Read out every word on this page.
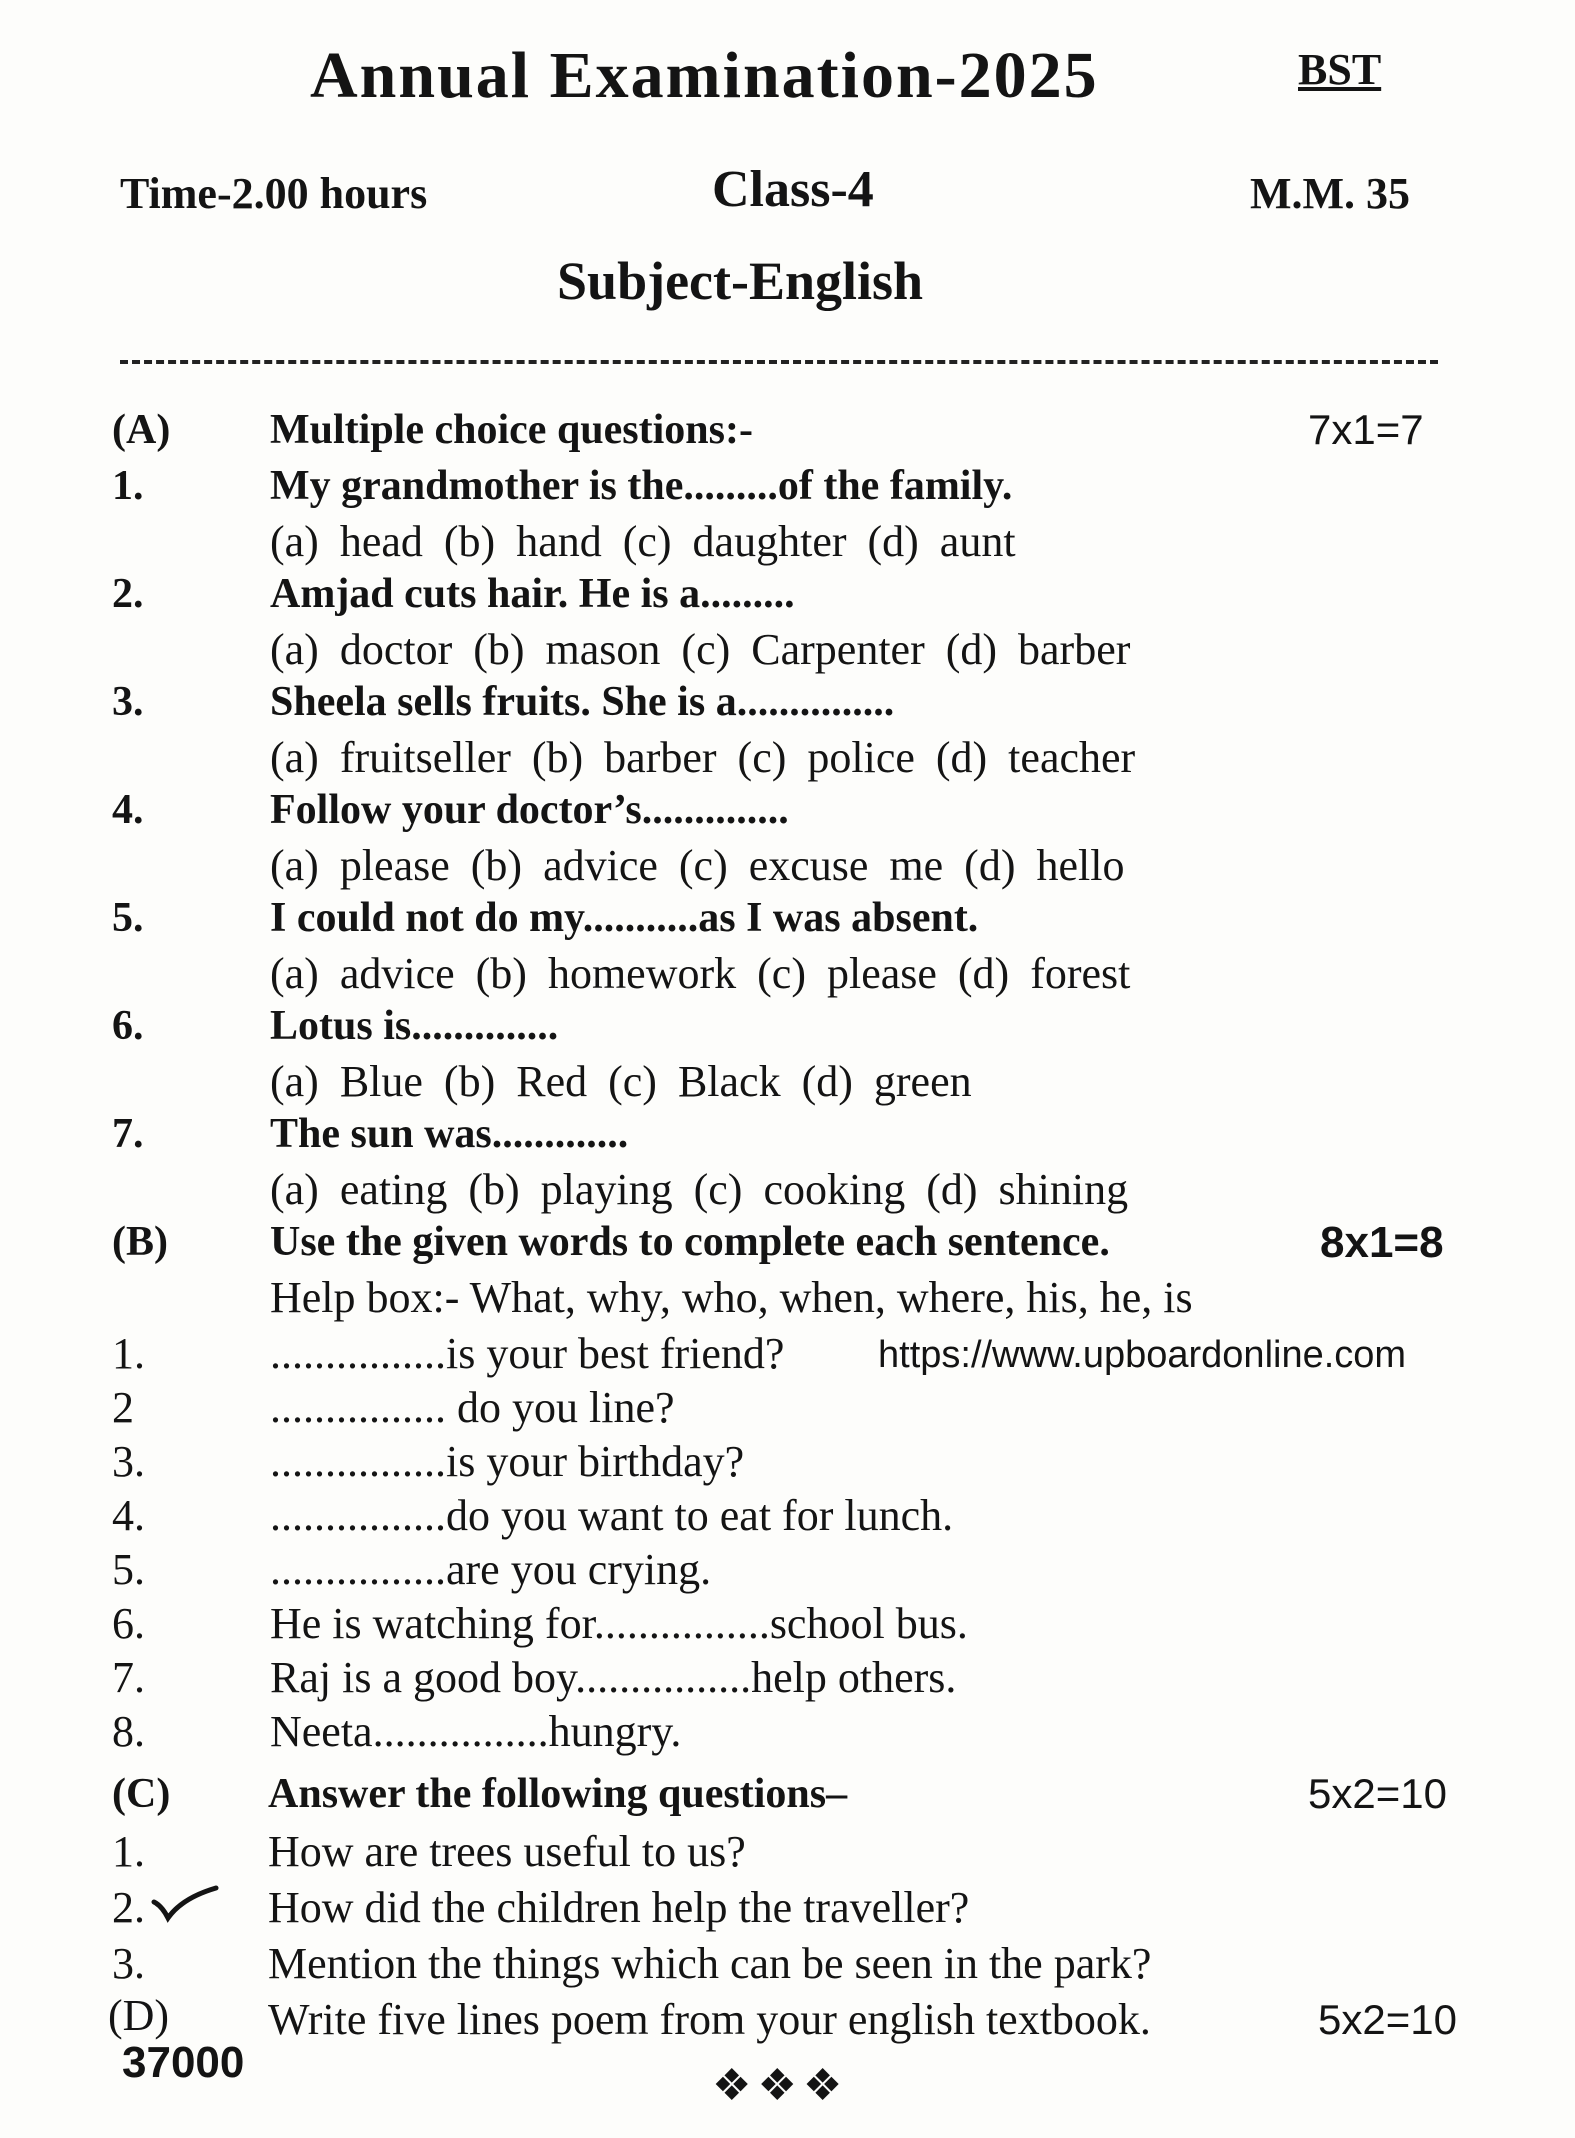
Annual Examination-2025	BST
Time-2.00 hours	Class-4	M.M. 35
Subject-English
(A) Multiple choice questions:-	7x1=7
1.	My grandmother is the.........of the family.
(a) head (b) hand (c) daughter (d) aunt
2.	Amjad cuts hair. He is a.........
(a) doctor (b) mason (c) Carpenter (d) barber
3.	Sheela sells fruits. She is a...............
(a) fruitseller (b) barber (c) police (d) teacher
4.	Follow your doctor’s..............
(a) please (b) advice (c) excuse me (d) hello
5.	I could not do my...........as I was absent.
(a) advice (b) homework (c) please (d) forest
6.	Lotus is..............
(a) Blue (b) Red (c) Black (d) green
7.	The sun was.............
(a) eating (b) playing (c) cooking (d) shining
(B) Use the given words to complete each sentence.	8x1=8
Help box:- What, why, who, when, where, his, he, is
1.	................is your best friend? https://www.upboardonline.com
2	................ do you line?
3.	................is your birthday?
4.	................do you want to eat for lunch.
5.	................are you crying.
6.	He is watching for................school bus.
7.	Raj is a good boy................help others.
8.	Neeta................hungry.
(C) Answer the following questions–	5x2=10
1.	How are trees useful to us?
2.	How did the children help the traveller?
3.	Mention the things which can be seen in the park?
(D) Write five lines poem from your english textbook.	5x2=10
37000	❖❖❖
